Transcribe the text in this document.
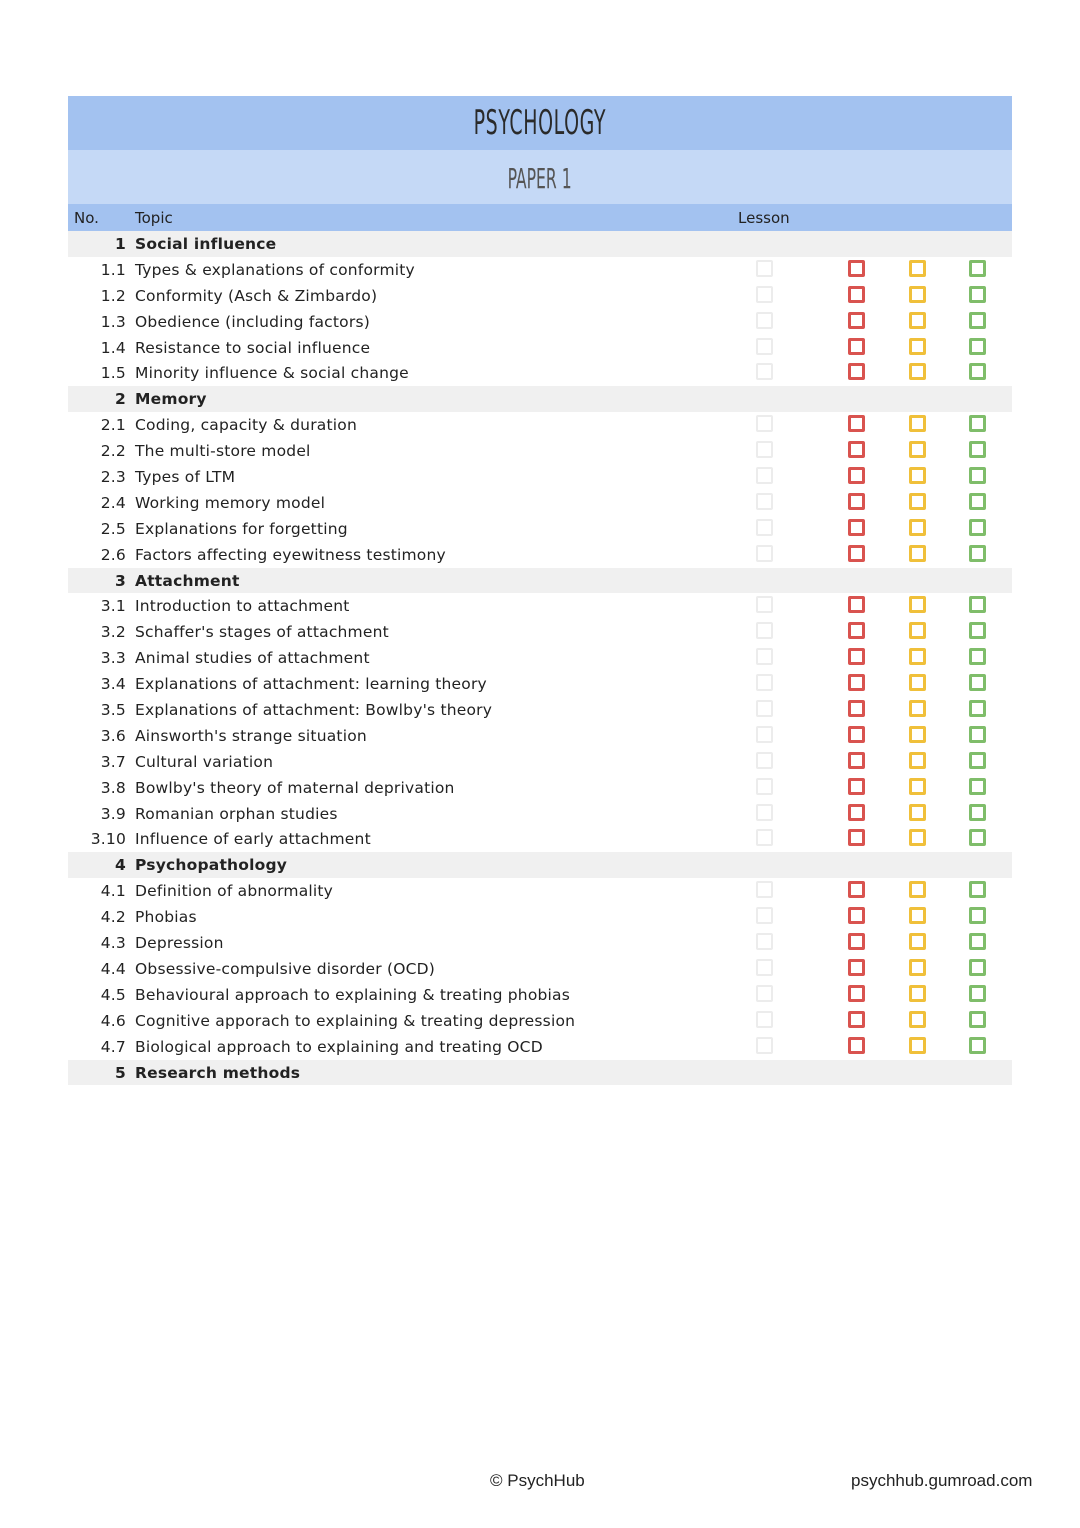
PSYCHOLOGY
PAPER 1
No. Topic	Lesson
1 Social influence
1.1 Types & explanations of conformity
1.2 Conformity (Asch & Zimbardo)
1.3 Obedience (including factors)
1.4 Resistance to social influence
1.5 Minority influence & social change
2 Memory
2.1 Coding, capacity & duration
2.2 The multi-store model
2.3 Types of LTM
2.4 Working memory model
2.5 Explanations for forgetting
2.6 Factors affecting eyewitness testimony
3 Attachment
3.1 Introduction to attachment
3.2 Schaffer's stages of attachment
3.3 Animal studies of attachment
3.4 Explanations of attachment: learning theory
3.5 Explanations of attachment: Bowlby's theory
3.6 Ainsworth's strange situation
3.7 Cultural variation
3.8 Bowlby's theory of maternal deprivation
3.9 Romanian orphan studies
3.10 Influence of early attachment
4 Psychopathology
4.1 Definition of abnormality
4.2 Phobias
4.3 Depression
4.4 Obsessive-compulsive disorder (OCD)
4.5 Behavioural approach to explaining & treating phobias
4.6 Cognitive apporach to explaining & treating depression
4.7 Biological approach to explaining and treating OCD
5 Research methods
© PsychHub	psychhub.gumroad.com
